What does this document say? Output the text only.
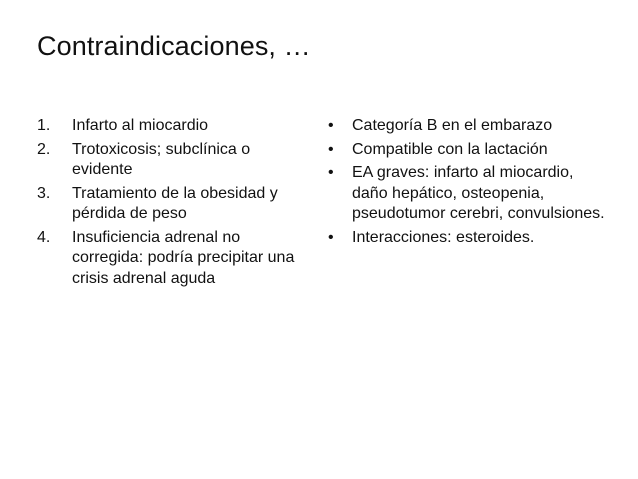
Contraindicaciones, …
1. Infarto al miocardio
2. Trotoxicosis; subclínica o evidente
3. Tratamiento de la obesidad y pérdida de peso
4. Insuficiencia adrenal no corregida: podría precipitar una crisis adrenal aguda
• Categoría B en el embarazo
• Compatible con la lactación
• EA graves: infarto al miocardio, daño hepático, osteopenia, pseudotumor cerebri, convulsiones.
• Interacciones: esteroides.
